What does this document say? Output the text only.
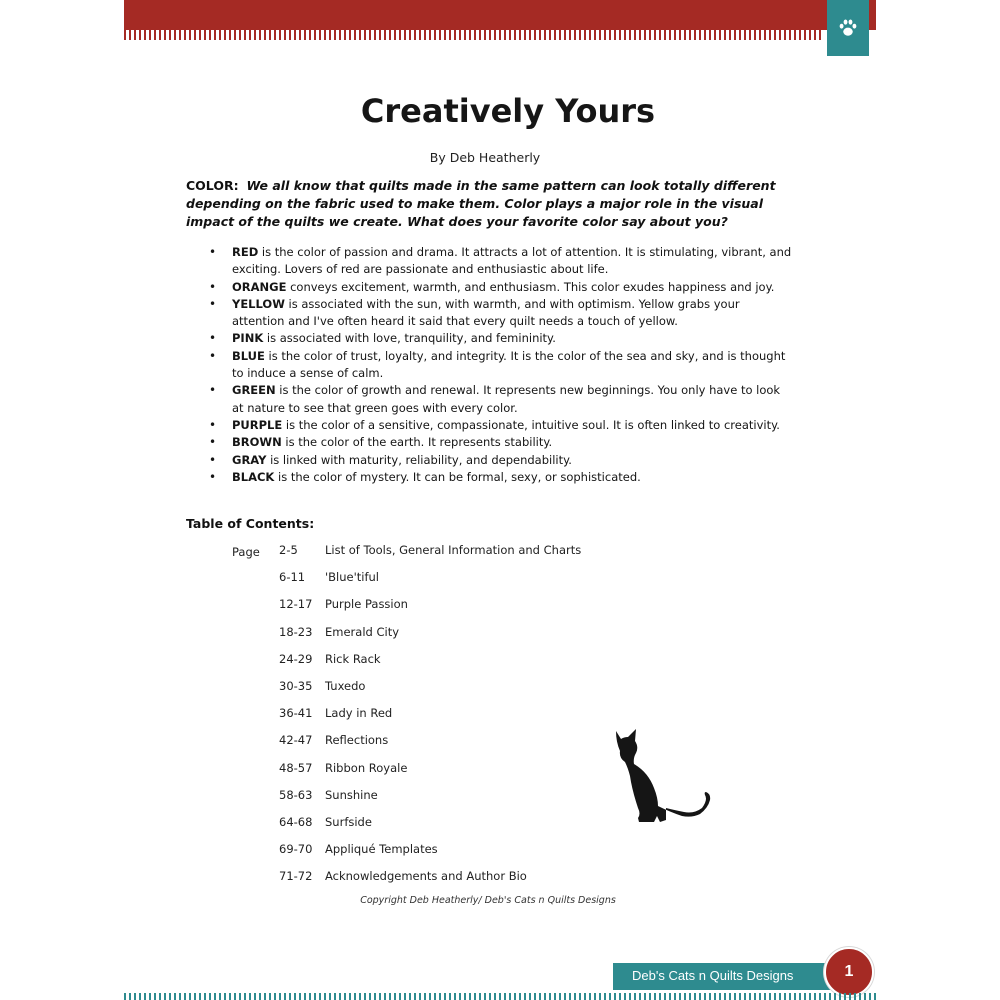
Creatively Yours
By Deb Heatherly
COLOR: We all know that quilts made in the same pattern can look totally different depending on the fabric used to make them. Color plays a major role in the visual impact of the quilts we create. What does your favorite color say about you?
• RED is the color of passion and drama. It attracts a lot of attention. It is stimulating, vibrant, and exciting. Lovers of red are passionate and enthusiastic about life.
• ORANGE conveys excitement, warmth, and enthusiasm. This color exudes happiness and joy.
• YELLOW is associated with the sun, with warmth, and with optimism. Yellow grabs your attention and I've often heard it said that every quilt needs a touch of yellow.
• PINK is associated with love, tranquility, and femininity.
• BLUE is the color of trust, loyalty, and integrity. It is the color of the sea and sky, and is thought to induce a sense of calm.
• GREEN is the color of growth and renewal. It represents new beginnings. You only have to look at nature to see that green goes with every color.
• PURPLE is the color of a sensitive, compassionate, intuitive soul. It is often linked to creativity.
• BROWN is the color of the earth. It represents stability.
• GRAY is linked with maturity, reliability, and dependability.
• BLACK is the color of mystery. It can be formal, sexy, or sophisticated.
Table of Contents:
Page 2-5	List of Tools, General Information and Charts
6-11	'Blue'tiful
12-17	Purple Passion
18-23	Emerald City
24-29	Rick Rack
30-35	Tuxedo
36-41	Lady in Red
42-47	Reflections
48-57	Ribbon Royale
58-63	Sunshine
64-68	Surfside
69-70	Appliqué Templates
71-72	Acknowledgements and Author Bio
Copyright Deb Heatherly/ Deb's Cats n Quilts Designs
Deb's Cats n Quilts Designs	1
